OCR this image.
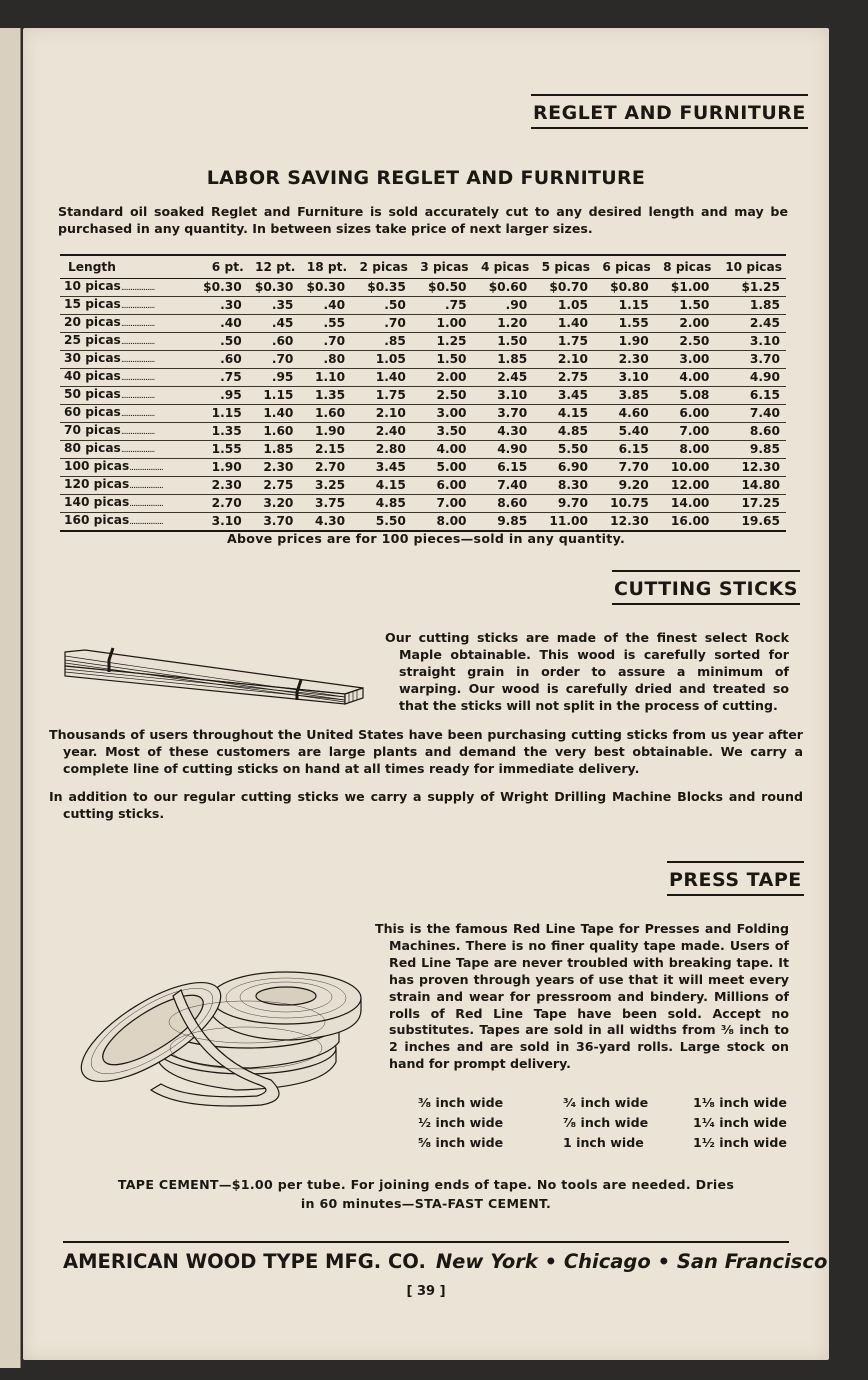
REGLET AND FURNITURE
LABOR SAVING REGLET AND FURNITURE
Standard oil soaked Reglet and Furniture is sold accurately cut to any desired length and may be purchased in any quantity. In between sizes take price of next larger sizes.
Length	6 pt.	12 pt.	18 pt.	2 picas	3 picas	4 picas	5 picas	6 picas	8 picas	10 picas
10 picas..................	$0.30	$0.30	$0.30	$0.35	$0.50	$0.60	$0.70	$0.80	$1.00	$1.25
15 picas..................	.30	.35	.40	.50	.75	.90	1.05	1.15	1.50	1.85
20 picas..................	.40	.45	.55	.70	1.00	1.20	1.40	1.55	2.00	2.45
25 picas..................	.50	.60	.70	.85	1.25	1.50	1.75	1.90	2.50	3.10
30 picas..................	.60	.70	.80	1.05	1.50	1.85	2.10	2.30	3.00	3.70
40 picas..................	.75	.95	1.10	1.40	2.00	2.45	2.75	3.10	4.00	4.90
50 picas..................	.95	1.15	1.35	1.75	2.50	3.10	3.45	3.85	5.08	6.15
60 picas..................	1.15	1.40	1.60	2.10	3.00	3.70	4.15	4.60	6.00	7.40
70 picas..................	1.35	1.60	1.90	2.40	3.50	4.30	4.85	5.40	7.00	8.60
80 picas..................	1.55	1.85	2.15	2.80	4.00	4.90	5.50	6.15	8.00	9.85
100 picas..................	1.90	2.30	2.70	3.45	5.00	6.15	6.90	7.70	10.00	12.30
120 picas..................	2.30	2.75	3.25	4.15	6.00	7.40	8.30	9.20	12.00	14.80
140 picas..................	2.70	3.20	3.75	4.85	7.00	8.60	9.70	10.75	14.00	17.25
160 picas..................	3.10	3.70	4.30	5.50	8.00	9.85	11.00	12.30	16.00	19.65
Above prices are for 100 pieces—sold in any quantity.
CUTTING STICKS
Our cutting sticks are made of the finest select Rock Maple obtainable. This wood is carefully sorted for straight grain in order to assure a minimum of warping. Our wood is carefully dried and treated so that the sticks will not split in the process of cutting.
Thousands of users throughout the United States have been purchasing cutting sticks from us year after year. Most of these customers are large plants and demand the very best obtainable. We carry a complete line of cutting sticks on hand at all times ready for immediate delivery.
In addition to our regular cutting sticks we carry a supply of Wright Drilling Machine Blocks and round cutting sticks.
PRESS TAPE
This is the famous Red Line Tape for Presses and Folding Machines. There is no finer quality tape made. Users of Red Line Tape are never troubled with breaking tape. It has proven through years of use that it will meet every strain and wear for pressroom and bindery. Millions of rolls of Red Line Tape have been sold. Accept no substitutes. Tapes are sold in all widths from ³⁄₈ inch to 2 inches and are sold in 36-yard rolls. Large stock on hand for prompt delivery.
³⁄₈ inch wide	³⁄₄ inch wide	1¹⁄₈ inch wide
¹⁄₂ inch wide	⁷⁄₈ inch wide	1¹⁄₄ inch wide
⁵⁄₈ inch wide	1 inch wide	1¹⁄₂ inch wide
TAPE CEMENT—$1.00 per tube. For joining ends of tape. No tools are needed. Dries
in 60 minutes—STA-FAST CEMENT.
AMERICAN WOOD TYPE MFG. CO. New York • Chicago • San Francisco
[ 39 ]
